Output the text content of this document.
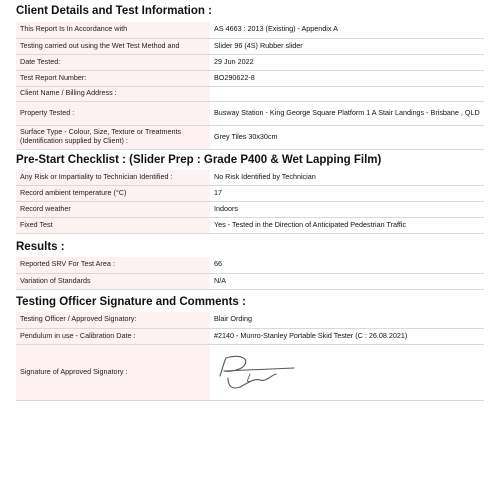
Client Details and Test Information :
This Report Is In Accordance with	AS 4663 : 2013 (Existing) - Appendix A
Testing carried out using the Wet Test Method and	Slider 96 (4S) Rubber slider
Date Tested:	29 Jun 2022
Test Report Number:	BO290622-8
Client Name / Billing Address :	
Property Tested :	Busway Station - King George Square Platform 1 A Stair Landings - Brisbane , QLD
Surface Type - Colour, Size, Texture or Treatments (Identification supplied by Client) :	Grey Tiles 30x30cm
Pre-Start Checklist : (Slider Prep : Grade P400 & Wet Lapping Film)
Any Risk or Impartiality to Technician Identified :	No Risk Identified by Technician
Record ambient temperature (°C)	17
Record weather	Indoors
Fixed Test	Yes - Tested in the Direction of Anticipated Pedestrian Traffic
Results :
Reported SRV For Test Area :	66
Variation of Standards	N/A
Testing Officer Signature and Comments :
Testing Officer / Approved Signatory:	Blair Ording
Pendulum in use - Calibration Date :	#2140 - Munro-Stanley Portable Skid Tester (C : 26.08.2021)
Signature of Approved Signatory :	
